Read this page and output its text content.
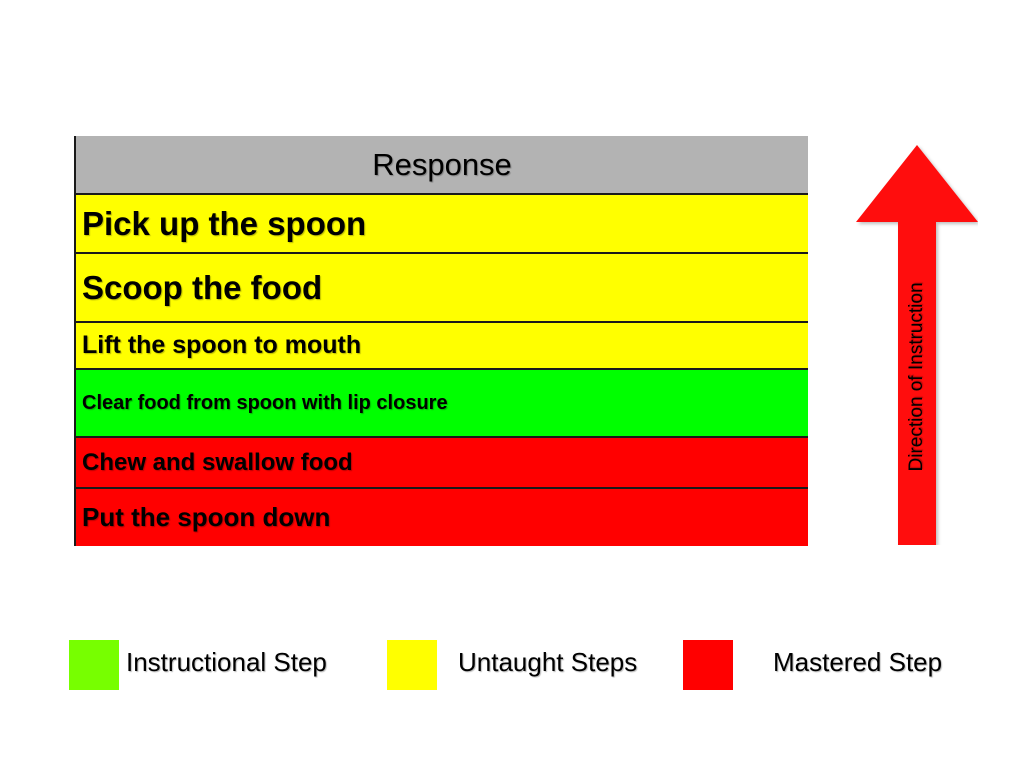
Response
Pick up the spoon
Scoop the food
Lift the spoon to mouth
Clear food from spoon with lip closure
Chew and swallow food
Put the spoon down
Direction of Instruction
Instructional Step	Untaught Steps	Mastered Step
